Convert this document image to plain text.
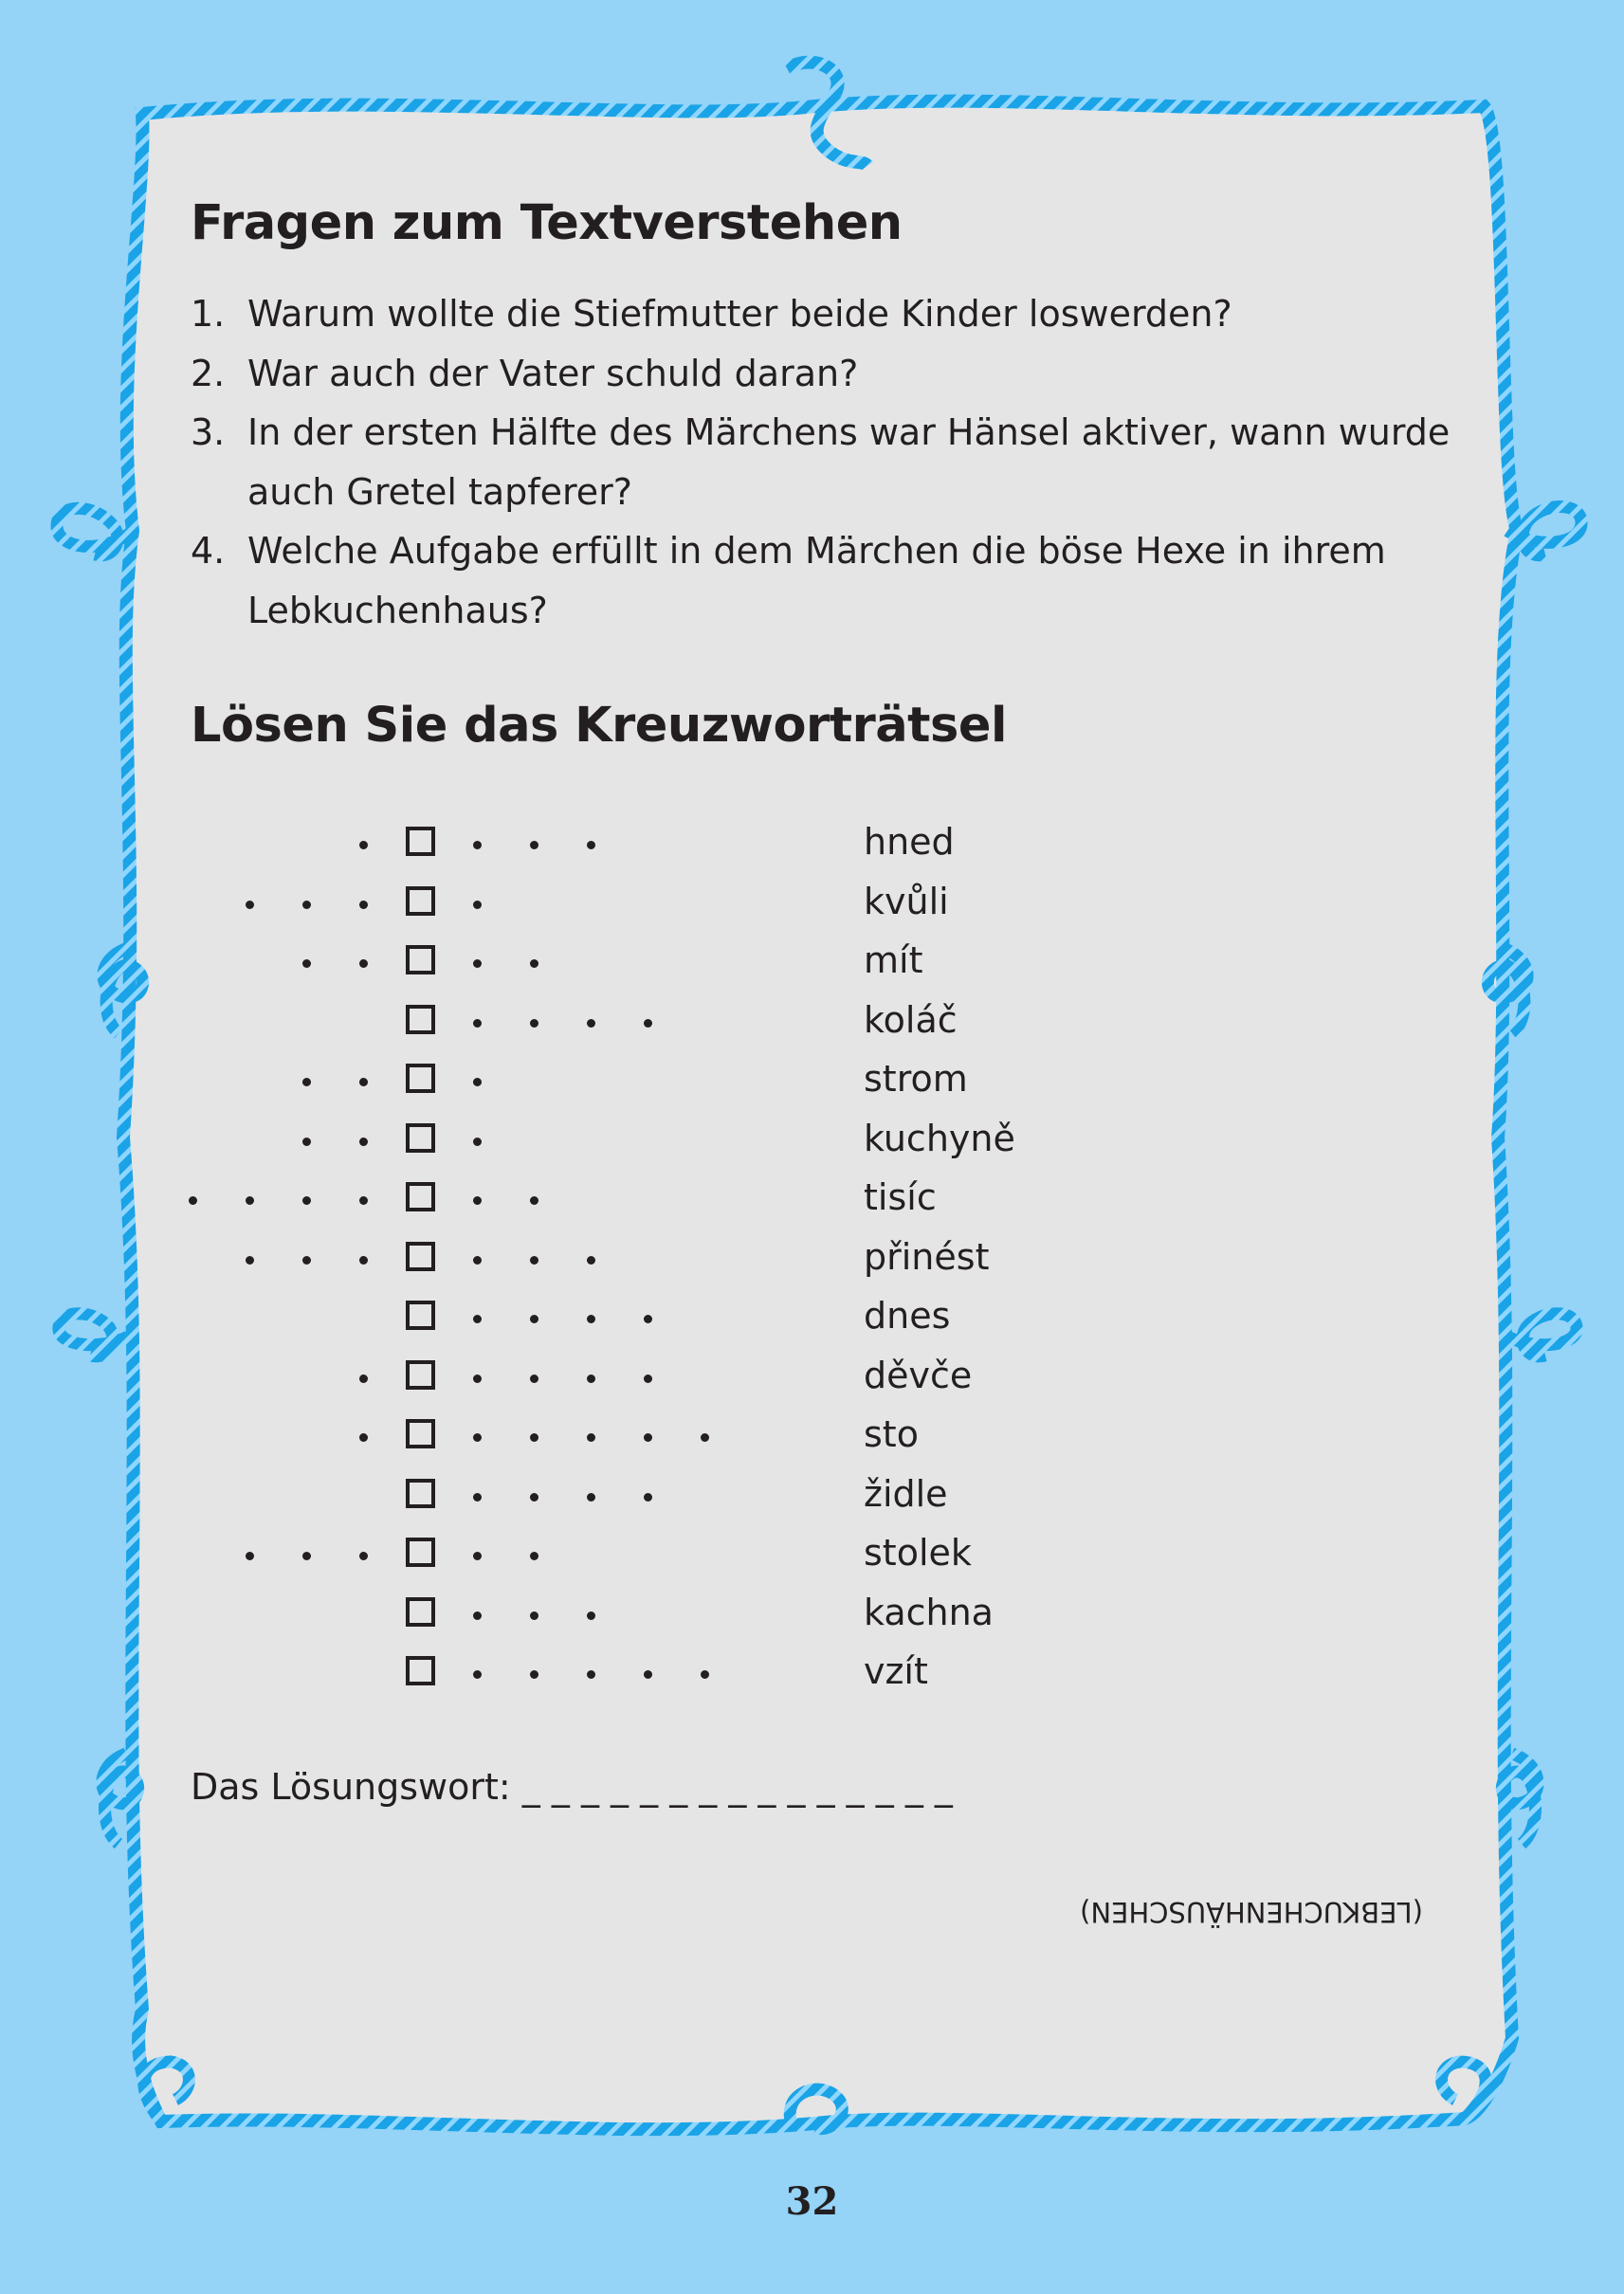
Fragen zum Textverstehen
1. Warum wollte die Stiefmutter beide Kinder loswerden?
2. War auch der Vater schuld daran?
3. In der ersten Hälfte des Märchens war Hänsel aktiver, wann wurde auch Gretel tapferer?
4. Welche Aufgabe erfüllt in dem Märchen die böse Hexe in ihrem Lebkuchenhaus?
Lösen Sie das Kreuzworträtsel
hned
kvůli
mít
koláč
strom
kuchyně
tisíc
přinést
dnes
děvče
sto
židle
stolek
kachna
vzít
Das Lösungswort: _ _ _ _ _ _ _ _ _ _ _ _ _ _ _
(LEBKUCHENHÄUSCHEN)
32
